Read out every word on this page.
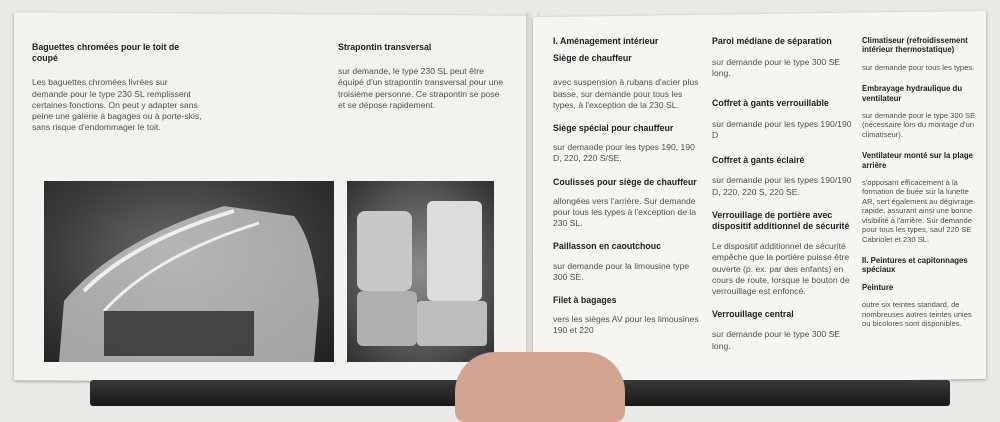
Baguettes chromées pour le toit de coupé
Les baguettes chromées livrées sur demande pour le type 230 SL remplissent certaines fonctions. On peut y adapter sans peine une galerie à bagages ou à porte-skis, sans risque d'endommager le toit.
Strapontin transversal
sur demande, le type 230 SL peut être équipé d'un strapontin transversal pour une troisième personne. Ce strapontin se pose et se dépose rapidement.
I. Aménagement intérieur
Siège de chauffeur
avec suspension à rubans d'acier plus basse, sur demande pour tous les types, à l'exception de la 230 SL.
Siège spécial pour chauffeur
sur demande pour les types 190, 190 D, 220, 220 S/SE.
Coulisses pour siège de chauffeur
allongées vers l'arrière. Sur demande pour tous les types à l'exception de la 230 SL.
Paillasson en caoutchouc
sur demande pour la limousine type 300 SE.
Filet à bagages
vers les sièges AV pour les limousines 190 et 220
Paroi médiane de séparation
sur demande pour le type 300 SE long.
Coffret à gants verrouillable
sur demande pour les types 190/190 D
Coffret à gants éclairé
sur demande pour les types 190/190 D, 220, 220 S, 220 SE.
Verrouillage de portière avec dispositif additionnel de sécurité
Le dispositif additionnel de sécurité empêche que la portière puisse être ouverte (p. ex. par des enfants) en cours de route, lorsque le bouton de verrouillage est enfoncé.
Verrouillage central
sur demande pour le type 300 SE long.
Climatiseur (refroidissement intérieur thermostatique)
sur demande pour tous les types.
Embrayage hydraulique du ventilateur
sur demande pour le type 300 SE (nécessaire lors du montage d'un climatiseur).
Ventilateur monté sur la plage arrière
s'opposant efficacement à la formation de buée sur la lunette AR, sert également au dégivrage rapide, assurant ainsi une bonne visibilité à l'arrière. Sur demande pour tous les types, sauf 220 SE Cabriolet et 230 SL.
II. Peintures et capitonnages spéciaux
Peinture
outre six teintes standard, de nombreuses autres teintes unies ou bicolores sont disponibles.
